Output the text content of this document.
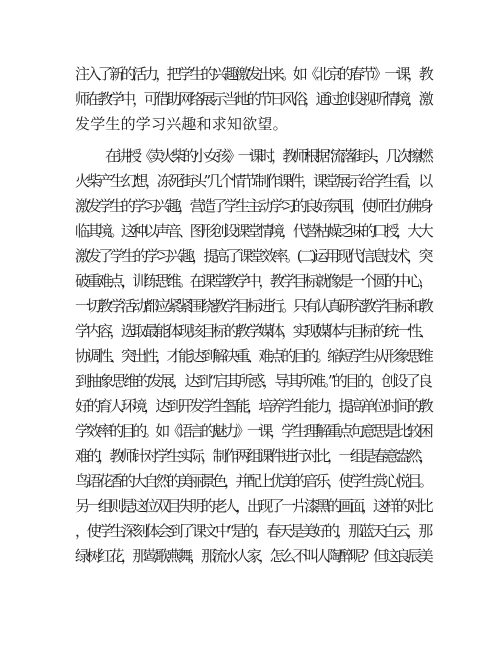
注入了新的活力，把学生的兴趣激发出来。如《北京的春节》一课，教
师在教学中，可借助网络展示当地的节日风俗，通过创设视听情境，激
发学生的学习兴趣和求知欲望。
在讲授《卖火柴的小女孩》一课时，教师根据“流落街头，几次擦燃
火柴产生幻想，冻死街头”几个情节制作课件，课堂展示给学生看，以
激发学生的学习兴趣，营造了学生主动学习的良好氛围，使师生仿佛身
临其境。这种以声音、图形创设课堂情境，代替枯燥乏味的口授，大大
激发了学生的学习兴趣，提高了课堂效率。(二)运用现代信息技术，突
破重难点，训练思维。在课堂教学中，教学目标就像是一个圆的中心，
一切教学活动都应紧紧围绕教学目标进行。只有认真研究教学目标和教
学内容，选取最能体现该目标的教学媒体，实现媒体与目标的统一性、
协调性、突出性，才能达到解决重、难点的目的。缩短学生从形象思维
到抽象思维的发展，达到“启其所惑，导其所难。”的目的，创设了良
好的育人环境，达到开发学生智能，培养学生能力，提高单位时间的教
学效率的目的。如《语言的魅力》一课，学生理解重点句意思是比较困
难的，教师针对学生实际，制作两组课件进行对比，一组是春意盎然，
鸟语花香的大自然的美丽景色，并配上优美的音乐，使学生赏心悦目。
另一组则是这位双目失明的老人，出现了一片漆黑的画面，这样的对比
，使学生深刻体会到了课文中“是的，春天是美好的，那蓝天白云，那
绿树红花，那莺歌燕舞，那流水人家，怎么不叫人陶醉呢？但这良辰美
